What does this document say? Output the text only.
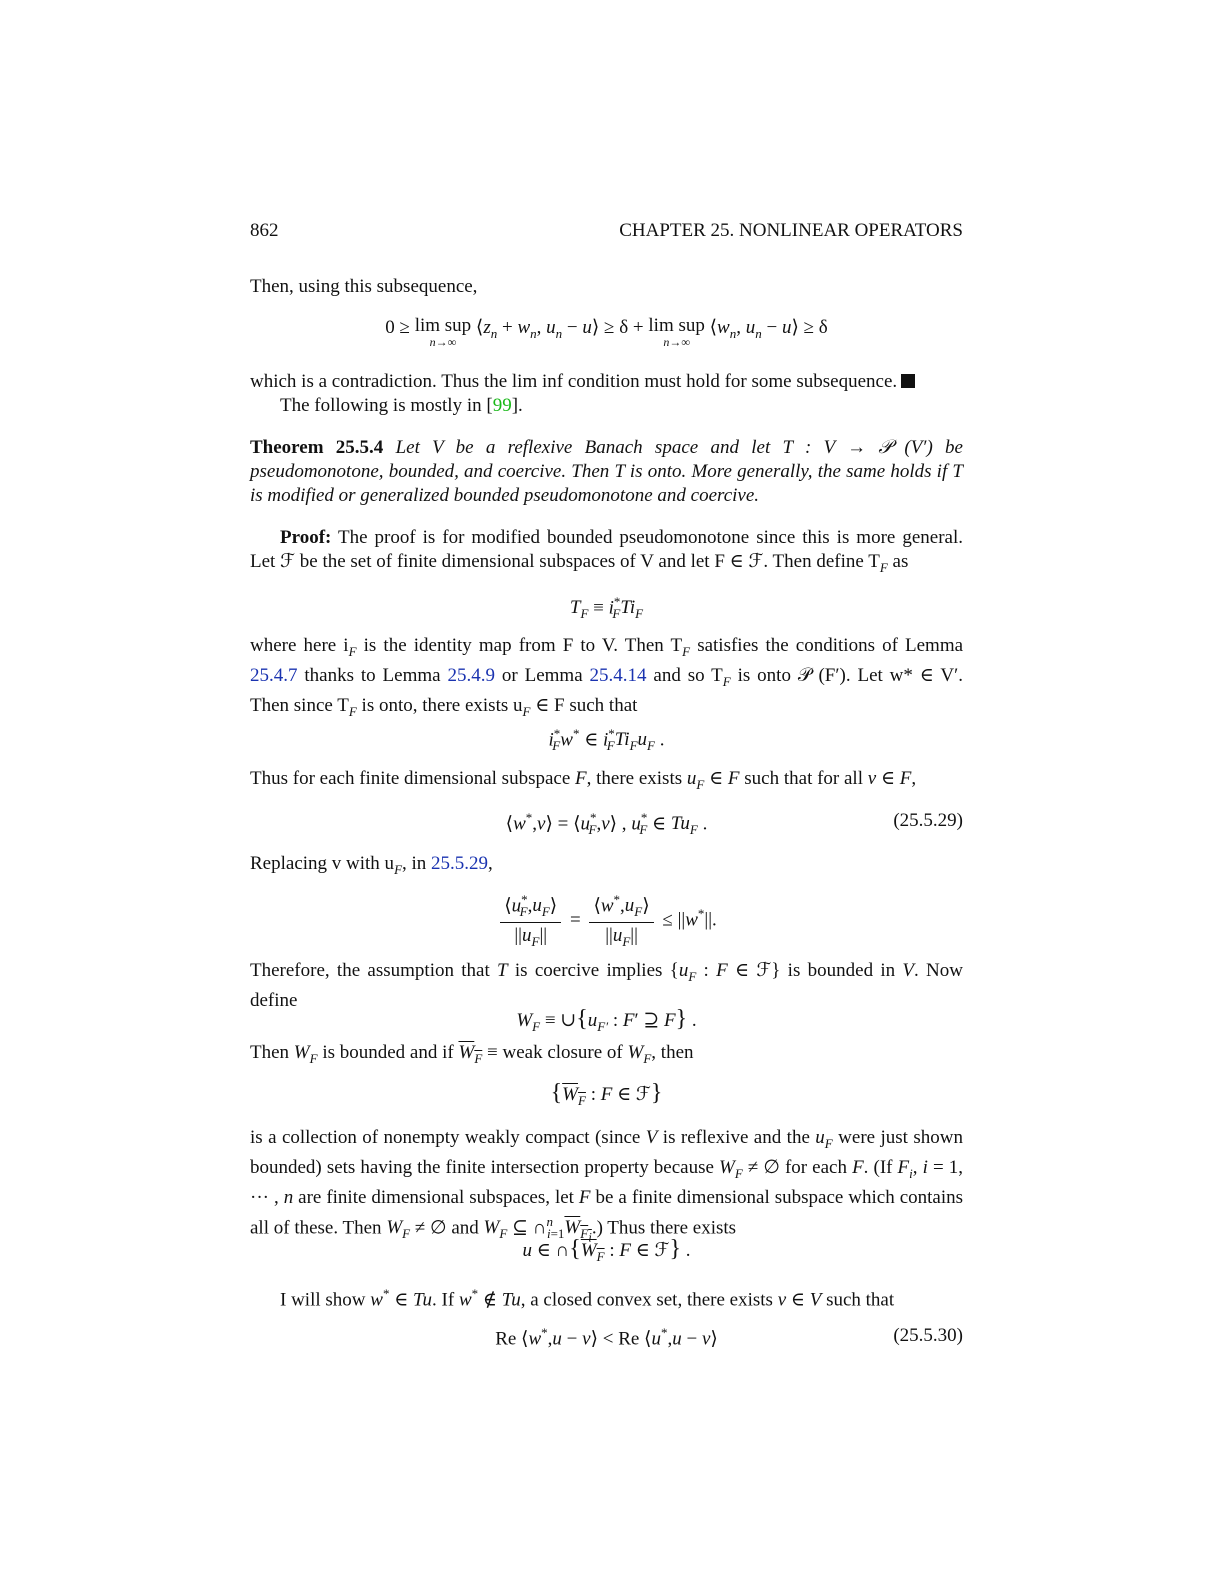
862	CHAPTER 25. NONLINEAR OPERATORS
Then, using this subsequence,
0 ≥ lim sup
n→∞
$⟨z_n + w_n$, $u_n$ − u⟩ ≥ δ + lim sup
n→∞
$⟨w_n$, $u_n$ − u⟩ ≥ δ
which is a contradiction. Thus the lim inf condition must hold for some subsequence.
The following is mostly in [99].
Theorem 25.5.4 Let V be a reflexive Banach space and let T : V → 𝒫 (V′) be pseudomonotone, bounded, and coercive. Then T is onto. More generally, the same holds if T is modified or generalized bounded pseudomonotone and coercive.
Proof: The proof is for modified bounded pseudomonotone since this is more general. Let ℱ be the set of finite dimensional subspaces of V and let F ∈ ℱ. Then define $T_F$ as
$T_F \equiv i^*_FTi_F$
where here $i_F$ is the identity map from F to V. Then $T_F$ satisfies the conditions of Lemma 25.4.7 thanks to Lemma 25.4.9 or Lemma 25.4.14 and so $T_F$ is onto 𝒫 (F′). Let w* ∈ V′. Then since $T_F$ is onto, there exists $u_F$ ∈ F such that
$i^*_Fw^*$ ∈ $i^*_FTi_Fu_F$ .
Thus for each finite dimensional subspace F, there exists $u_F$ ∈ F such that for all v ∈ F,
⟨w*,v⟩ = $⟨u^*_F,v⟩$ , $u^*_F$ ∈ $Tu_F$ .	(25.5.29)
Replacing v with $u_F$, in 25.5.29,
$\frac{⟨u^*_F,u_F⟩}{||u_F||} = \frac{⟨w^*,u_F⟩}{||u_F||} \le ||w^*||$.
Therefore, the assumption that T is coercive implies {$u_F$ : F ∈ ℱ} is bounded in V. Now define
$W_F$ ≡ $\cup\{u_{F'}$ : F′ ⊇ F} .
Then $W_F$ is bounded and if $W_F$ ≡ weak closure of $W_F$, then
{$W_F$ : F ∈ ℱ}
is a collection of nonempty weakly compact (since V is reflexive and the $u_F$ were just shown bounded) sets having the finite intersection property because $W_F$ ≠ ∅ for each F. (If $F_i$, i = 1, ··· , n are finite dimensional subspaces, let F be a finite dimensional subspace which contains all of these. Then $W_F$ ≠ ∅ and $W_F$ ⊆ $\cap^n_{i=1}W_{F_i}$.) Thus there exists
u ∈ $\cap\{W_F$ : F ∈ ℱ} .
I will show w* ∈ Tu. If w* ∉ Tu, a closed convex set, there exists v ∈ V such that
Re ⟨w*,u − v⟩ < Re ⟨u*,u − v⟩	(25.5.30)
